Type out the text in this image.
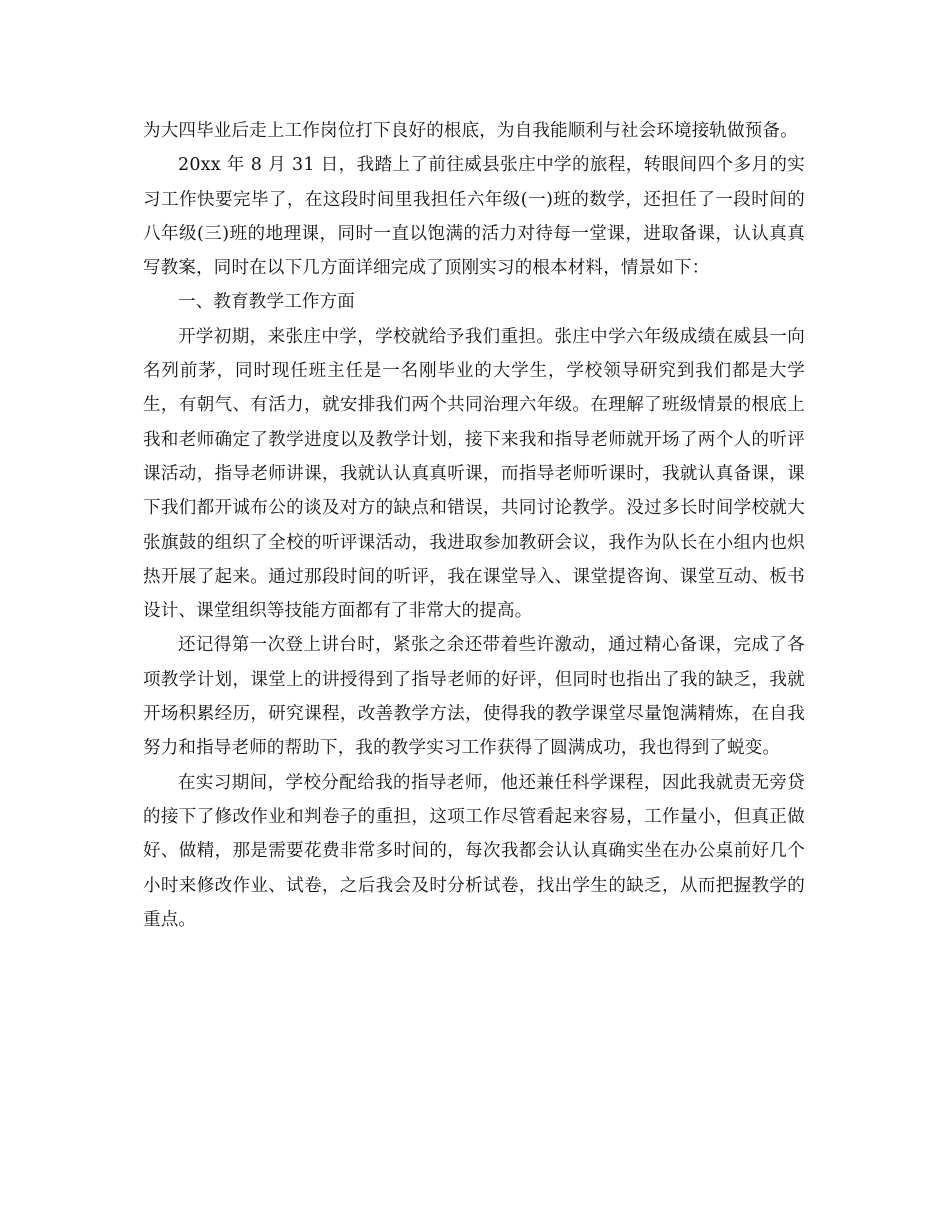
为大四毕业后走上工作岗位打下良好的根底，为自我能顺利与社会环境接轨做预备。

20xx 年 8 月 31 日，我踏上了前往威县张庄中学的旅程，转眼间四个多月的实习工作快要完毕了，在这段时间里我担任六年级(一)班的数学，还担任了一段时间的八年级(三)班的地理课，同时一直以饱满的活力对待每一堂课，进取备课，认认真真写教案，同时在以下几方面详细完成了顶刚实习的根本材料，情景如下：

一、教育教学工作方面

开学初期，来张庄中学，学校就给予我们重担。张庄中学六年级成绩在威县一向名列前茅，同时现任班主任是一名刚毕业的大学生，学校领导研究到我们都是大学生，有朝气、有活力，就安排我们两个共同治理六年级。在理解了班级情景的根底上我和老师确定了教学进度以及教学计划，接下来我和指导老师就开场了两个人的听评课活动，指导老师讲课，我就认认真真听课，而指导老师听课时，我就认真备课，课下我们都开诚布公的谈及对方的缺点和错误，共同讨论教学。没过多长时间学校就大张旗鼓的组织了全校的听评课活动，我进取参加教研会议，我作为队长在小组内也炽热开展了起来。通过那段时间的听评，我在课堂导入、课堂提咨询、课堂互动、板书设计、课堂组织等技能方面都有了非常大的提高。

还记得第一次登上讲台时，紧张之余还带着些许激动，通过精心备课，完成了各项教学计划，课堂上的讲授得到了指导老师的好评，但同时也指出了我的缺乏，我就开场积累经历，研究课程，改善教学方法，使得我的教学课堂尽量饱满精炼，在自我努力和指导老师的帮助下，我的教学实习工作获得了圆满成功，我也得到了蜕变。

在实习期间，学校分配给我的指导老师，他还兼任科学课程，因此我就责无旁贷的接下了修改作业和判卷子的重担，这项工作尽管看起来容易，工作量小，但真正做好、做精，那是需要花费非常多时间的，每次我都会认认真确实坐在办公桌前好几个小时来修改作业、试卷，之后我会及时分析试卷，找出学生的缺乏，从而把握教学的重点。
